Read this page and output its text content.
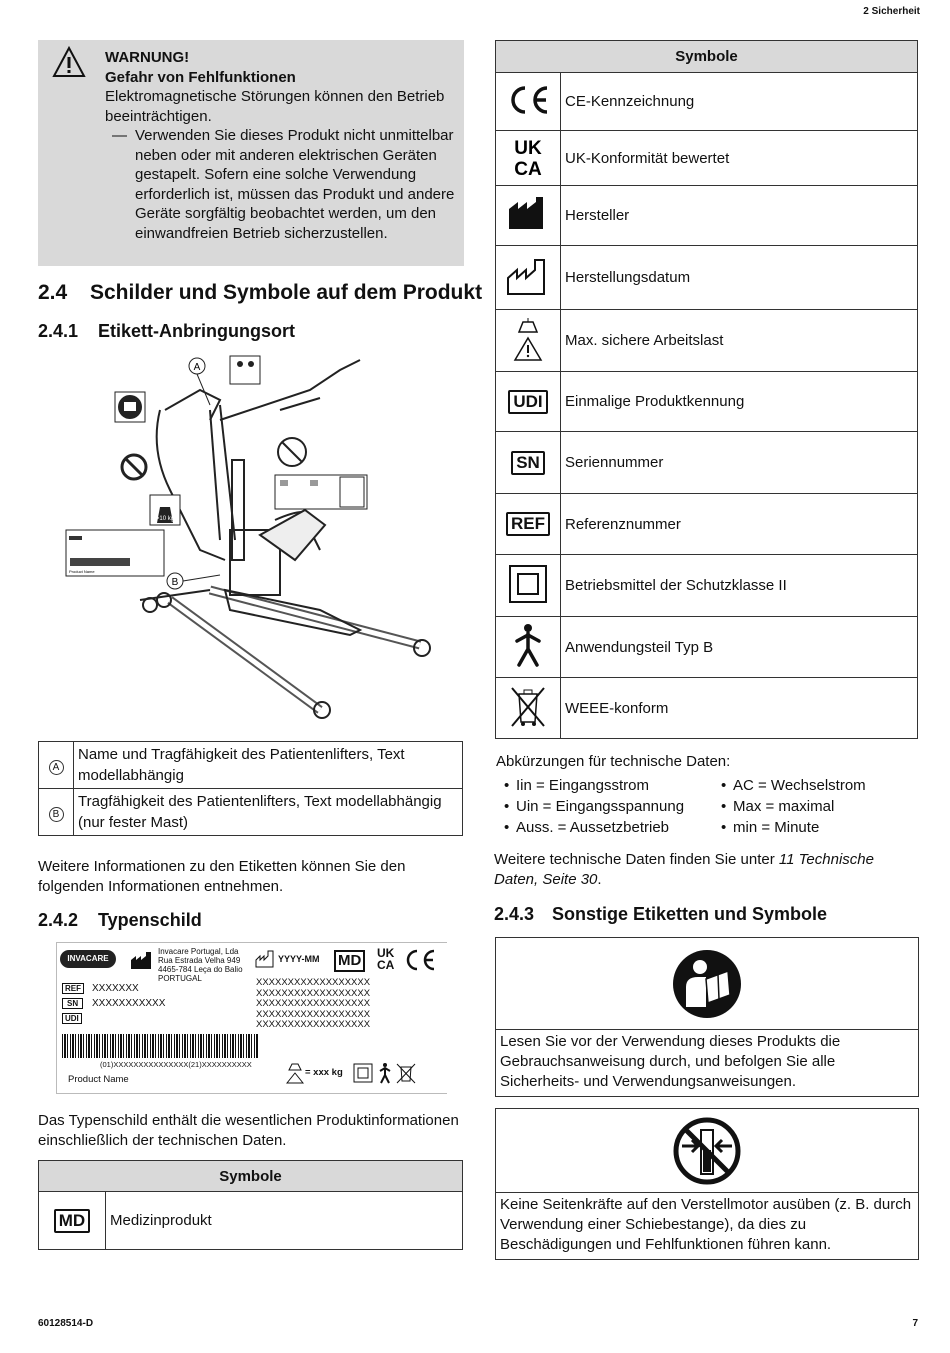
2 Sicherheit
60128514-D	7
WARNUNG!
Gefahr von Fehlfunktionen
Elektromagnetische Störungen können den Betrieb beeinträchtigen.
— Verwenden Sie dieses Produkt nicht unmittelbar neben oder mit anderen elektrischen Geräten gestapelt. Sofern eine solche Verwendung erforderlich ist, müssen das Produkt und andere Geräte sorgfältig beobachtet werden, um den einwandfreien Betrieb sicherzustellen.
2.4 Schilder und Symbole auf dem Produkt
2.4.1 Etikett-Anbringungsort
A
B
>10 kg
Product Name
Symbole	
	CE-Kennzeichnung

UK
CA	UK-Konformität bewertet
	Hersteller
	Herstellungsdatum
	Max. sichere Arbeitslast
UDI	Einmalige Produktkennung
SN	Seriennummer
REF	Referenznummer
	Betriebsmittel der Schutzklasse II
	Anwendungsteil Typ B
	WEEE-konform
A	Name und Tragfähigkeit des Patientenlifters, Text modellabhängig
B	Tragfähigkeit des Patientenlifters, Text modellabhängig (nur fester Mast)
Weitere Informationen zu den Etiketten können Sie den folgenden Informationen entnehmen.
2.4.2 Typenschild
INVACARE
Invacare Portugal, Lda
Rua Estrada Velha 949
4465-784 Leça do Balio
PORTUGAL
YYYY-MM MD	UK
CA
REF
SN
UDI
XXXXXXX
XXXXXXXXXXX
XXXXXXXXXXXXXXXXXX
XXXXXXXXXXXXXXXXXX
XXXXXXXXXXXXXXXXXX
XXXXXXXXXXXXXXXXXX
XXXXXXXXXXXXXXXXXX
(01)XXXXXXXXXXXXXXX(21)XXXXXXXXXX
= xxx kg
Product Name
Das Typenschild enthält die wesentlichen Produktinformationen einschließlich der technischen Daten.
Symbole
MD	Medizinprodukt
Abkürzungen für technische Daten:
• Iin = Eingangsstrom
• Uin = Eingangsspannung
• Auss. = Aussetzbetrieb
• AC = Wechselstrom
• Max = maximal
• min = Minute
Weitere technische Daten finden Sie unter 11 Technische Daten, Seite 30.
2.4.3 Sonstige Etiketten und Symbole
Lesen Sie vor der Verwendung dieses Produkts die Gebrauchsanweisung durch, und befolgen Sie alle Sicherheits- und Verwendungsanweisungen.
Keine Seitenkräfte auf den Verstellmotor ausüben (z. B. durch Verwendung einer Schiebestange), da dies zu Beschädigungen und Fehlfunktionen führen kann.
